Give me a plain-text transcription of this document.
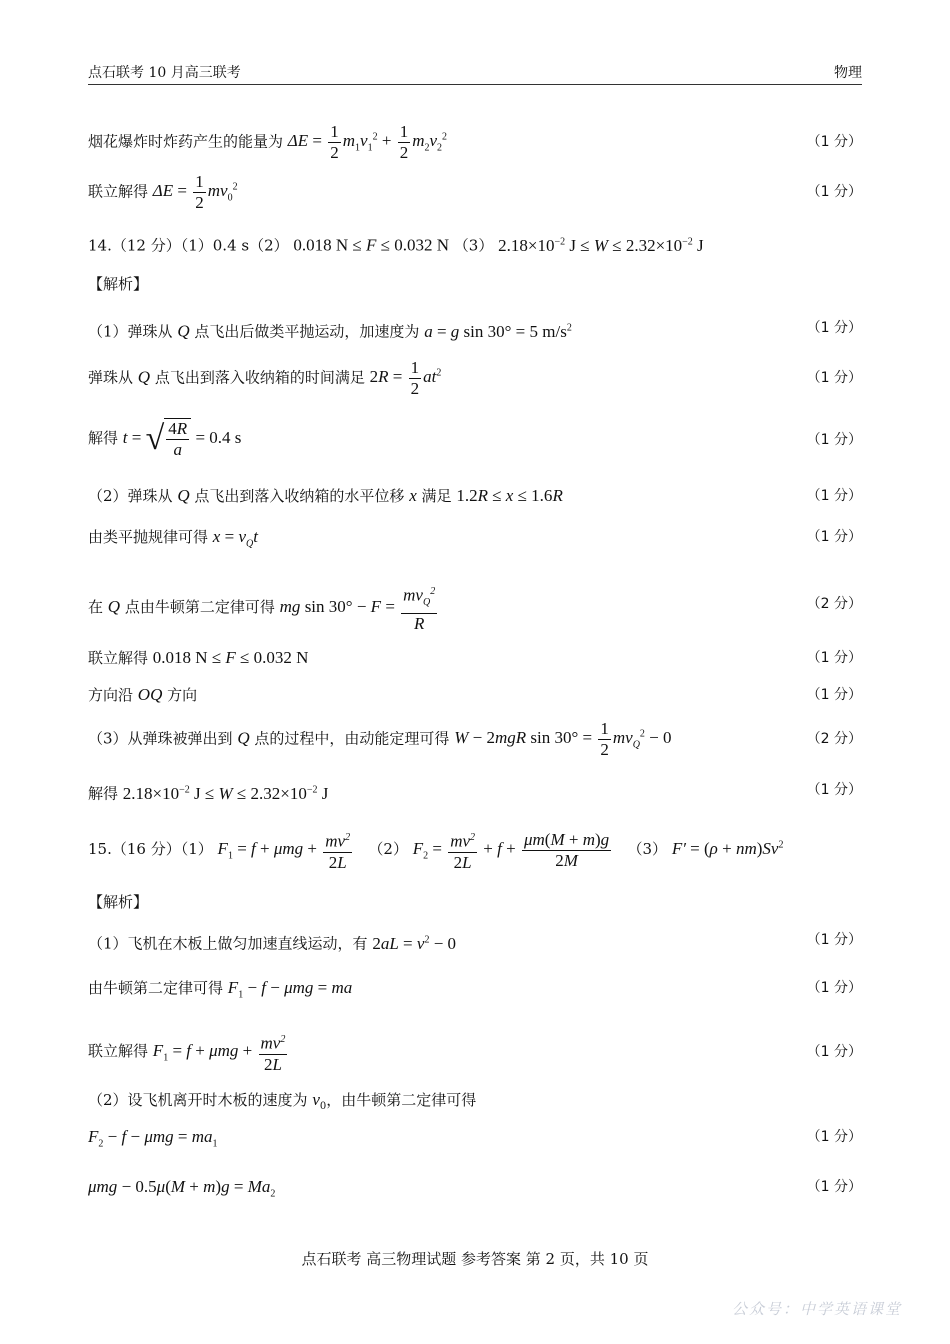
点石联考 10 月高三联考	物理
烟花爆炸时炸药产生的能量为 $\Delta E = \frac{1}{2} m_1v_1^2 + \frac{1}{2} m_2v_2^2$	（1 分）
联立解得 $\Delta E = \frac{1}{2} mv_0^2$	（1 分）
14.（12 分）（1）0.4 s（2） 0.018 N ≤ F ≤ 0.032 N （3） $2.18\times 10^{-2}$ $J \le W \le 2.32\times 10^{-2}$ J
【解析】
（1）弹珠从 Q 点飞出后做类平抛运动，加速度为 a = g sin 30° = 5 $m/s^2$	（1 分）
弹珠从 Q 点飞出到落入收纳箱的时间满足 $2R = \frac{1}{2} at^2$	（1 分）
解得 t = √ $\frac{4R}{a} = 0.4$ s	（1 分）
（2）弹珠从 Q 点飞出到落入收纳箱的水平位移 x 满足 1.2R ≤ x ≤ 1.6R	（1 分）
由类平抛规律可得 $x = v_Qt$	（1 分）
在 Q 点由牛顿第二定律可得 mg $\sin 30^\circ - F = \frac{mv_Q^2}{R}$	（2 分）
联立解得 0.018 N ≤ F ≤ 0.032 N	（1 分）
方向沿 OQ 方向	（1 分）
（3）从弹珠被弹出到 Q 点的过程中，由动能定理可得 W − 2mgR $\sin 30^\circ = \frac{1}{2} mv_Q^2 - 0$	（2 分）
解得 $2.18\times 10^{-2}$ $J \le W \le 2.32\times 10^{-2}$ J	（1 分）
15.（16 分）（1） $F_1 = f + \mu mg + \frac{mv^2}{2L} (2) F_2 = \frac{mv^2}{2L} + f + \frac{\mu m(M + m)g}{2M} (3) F' = (\rho + nm)Sv^2$
【解析】
（1）飞机在木板上做匀加速直线运动，有 $2aL = v^2 - 0$	（1 分）
由牛顿第二定律可得 $F_1 - f - \mu mg$ = ma	（1 分）
联立解得 $F_1 = f + \mu mg + \frac{mv^2}{2L}$	（1 分）
（2）设飞机离开时木板的速度为 $v_0$，由牛顿第二定律可得
$F_2 - f - \mu mg = ma_1$	（1 分）
$\mu mg - 0.5\mu(M + m)g = Ma_2$	（1 分）
点石联考 高三物理试题 参考答案 第 2 页，共 10 页
公众号：中学英语课堂
